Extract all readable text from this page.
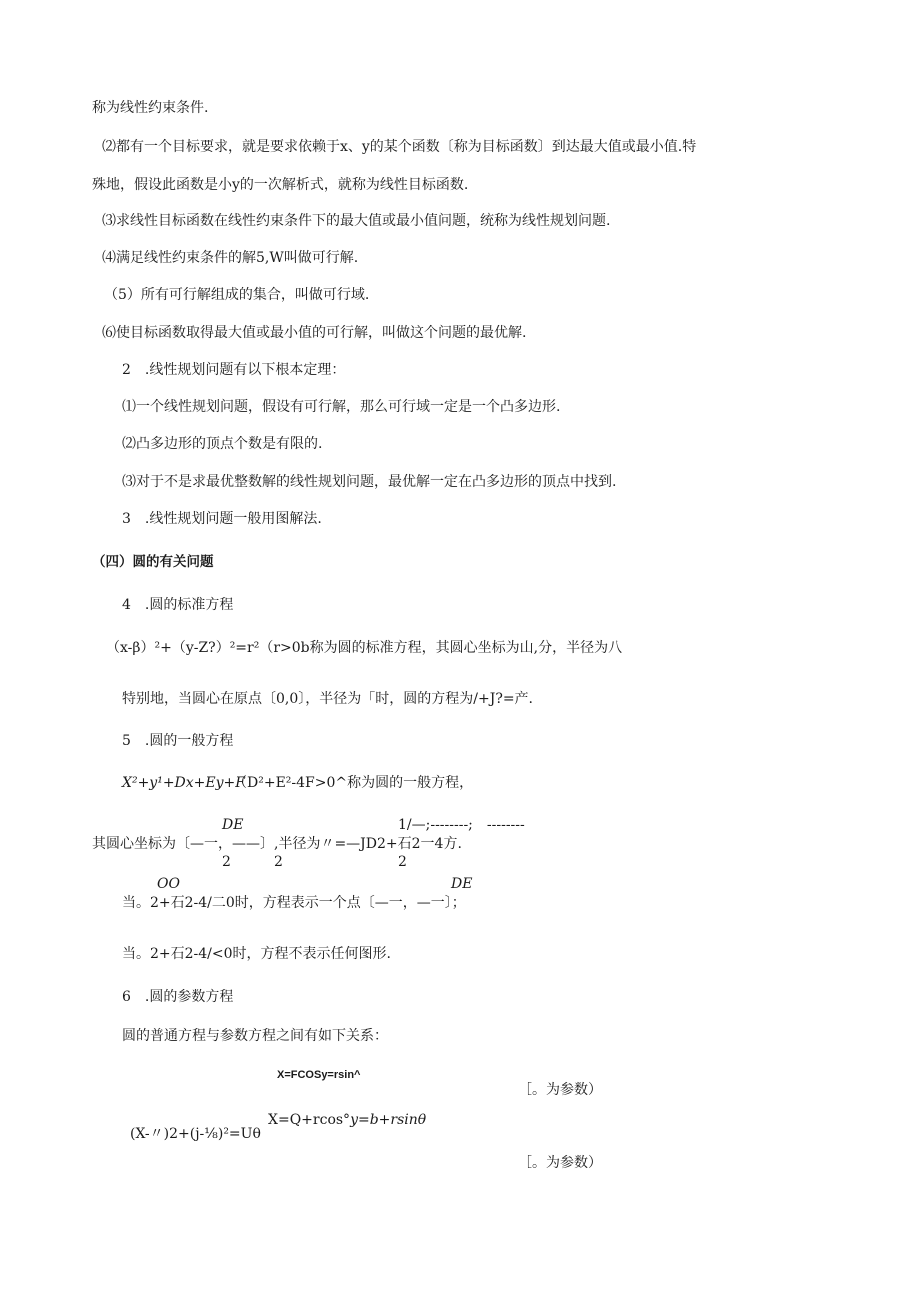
称为线性约束条件.
⑵都有一个目标要求，就是要求依赖于x、y的某个函数〔称为目标函数〕到达最大值或最小值.特
殊地，假设此函数是小y的一次解析式，就称为线性目标函数.
⑶求线性目标函数在线性约束条件下的最大值或最小值问题，统称为线性规划问题.
⑷满足线性约束条件的解5,W叫做可行解.
（5）所有可行解组成的集合，叫做可行域.
⑹使目标函数取得最大值或最小值的可行解，叫做这个问题的最优解.
2　.线性规划问题有以下根本定理：
⑴一个线性规划问题，假设有可行解，那么可行域一定是一个凸多边形.
⑵凸多边形的顶点个数是有限的.
⑶对于不是求最优整数解的线性规划问题，最优解一定在凸多边形的顶点中找到.
3　.线性规划问题一般用图解法.
（四）圆的有关问题
4　.圆的标准方程
（x-β）²+（y-Z?）²=r²（r>0b称为圆的标准方程，其圆心坐标为山,分，半径为八
特别地，当圆心在原点〔0,0〕，半径为「时，圆的方程为/+J?=产.
5　.圆的一般方程
X²+y¹+Dx+Ey+F
（D²+E²-4F>0^称为圆的一般方程，
DE	1/—;--------;　--------
其圆心坐标为〔—一，——〕,半径为〃=—JD2+石2一4方.
2	2	2
OO	DE
当。2+石2-4/二0时，方程表示一个点〔—一，—一〕；
当。2+石2-4/<0时，方程不表示任何图形.
6　.圆的参数方程
圆的普通方程与参数方程之间有如下关系：
X=FCOSy=rsin^
［。为参数）
X=Q+rcos°y=b+rsinθ
(X-〃)2+(j-⅛)²=Uθ
［。为参数）
